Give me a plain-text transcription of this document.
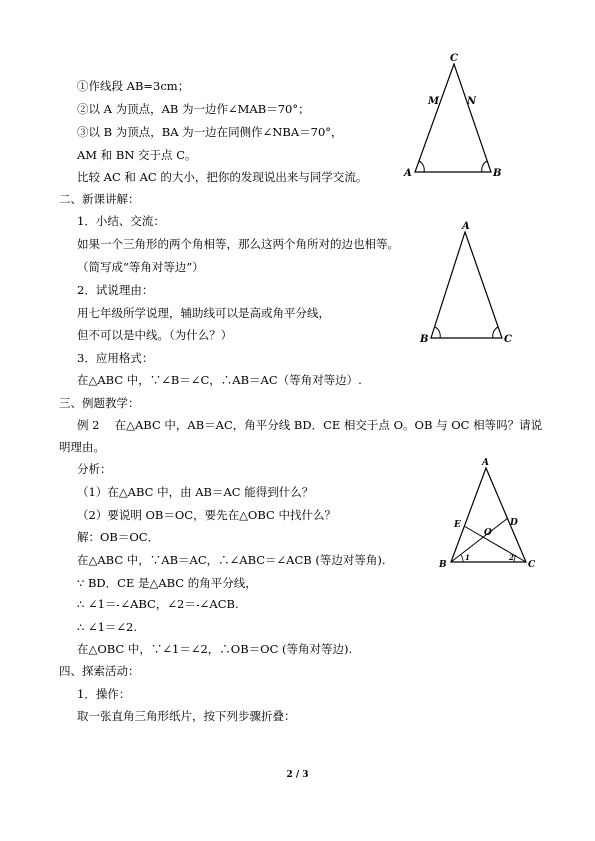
①作线段 AB=3cm；
②以 A 为顶点，AB 为一边作∠MAB＝70°；
③以 B 为顶点，BA 为一边在同侧作∠NBA＝70°，
AM 和 BN 交于点 C。
比较 AC 和 AC 的大小，把你的发现说出来与同学交流。
二、新课讲解：
1．小结、交流：
如果一个三角形的两个角相等，那么这两个角所对的边也相等。
（简写成“等角对等边”）
2．试说理由：
用七年级所学说理，辅助线可以是高或角平分线，
但不可以是中线。（为什么？）
3．应用格式：
在△ABC 中，∵∠B＝∠C，∴AB＝AC（等角对等边）.
三、例题教学：
例 2　 在△ABC 中，AB＝AC，角平分线 BD．CE 相交于点 O。OB 与 OC 相等吗？请说
明理由。
分析：
（1）在△ABC 中，由 AB＝AC 能得到什么？
（2）要说明 OB＝OC，要先在△OBC 中找什么？
解：OB＝OC．
在△ABC 中，∵AB＝AC，∴∠ABC＝∠ACB (等边对等角).
∵ BD．CE 是△ABC 的角平分线，
∴ ∠1＝ ∠ABC，∠2＝ ∠ACB.
∴ ∠1＝∠2.
在△OBC 中，∵∠1＝∠2，∴OB＝OC (等角对等边).
四、探索活动：
1．操作：
取一张直角三角形纸片，按下列步骤折叠：
C
M	N
A	B
A
B	C
A
E	D
O
B	C
1	2
2 / 3
